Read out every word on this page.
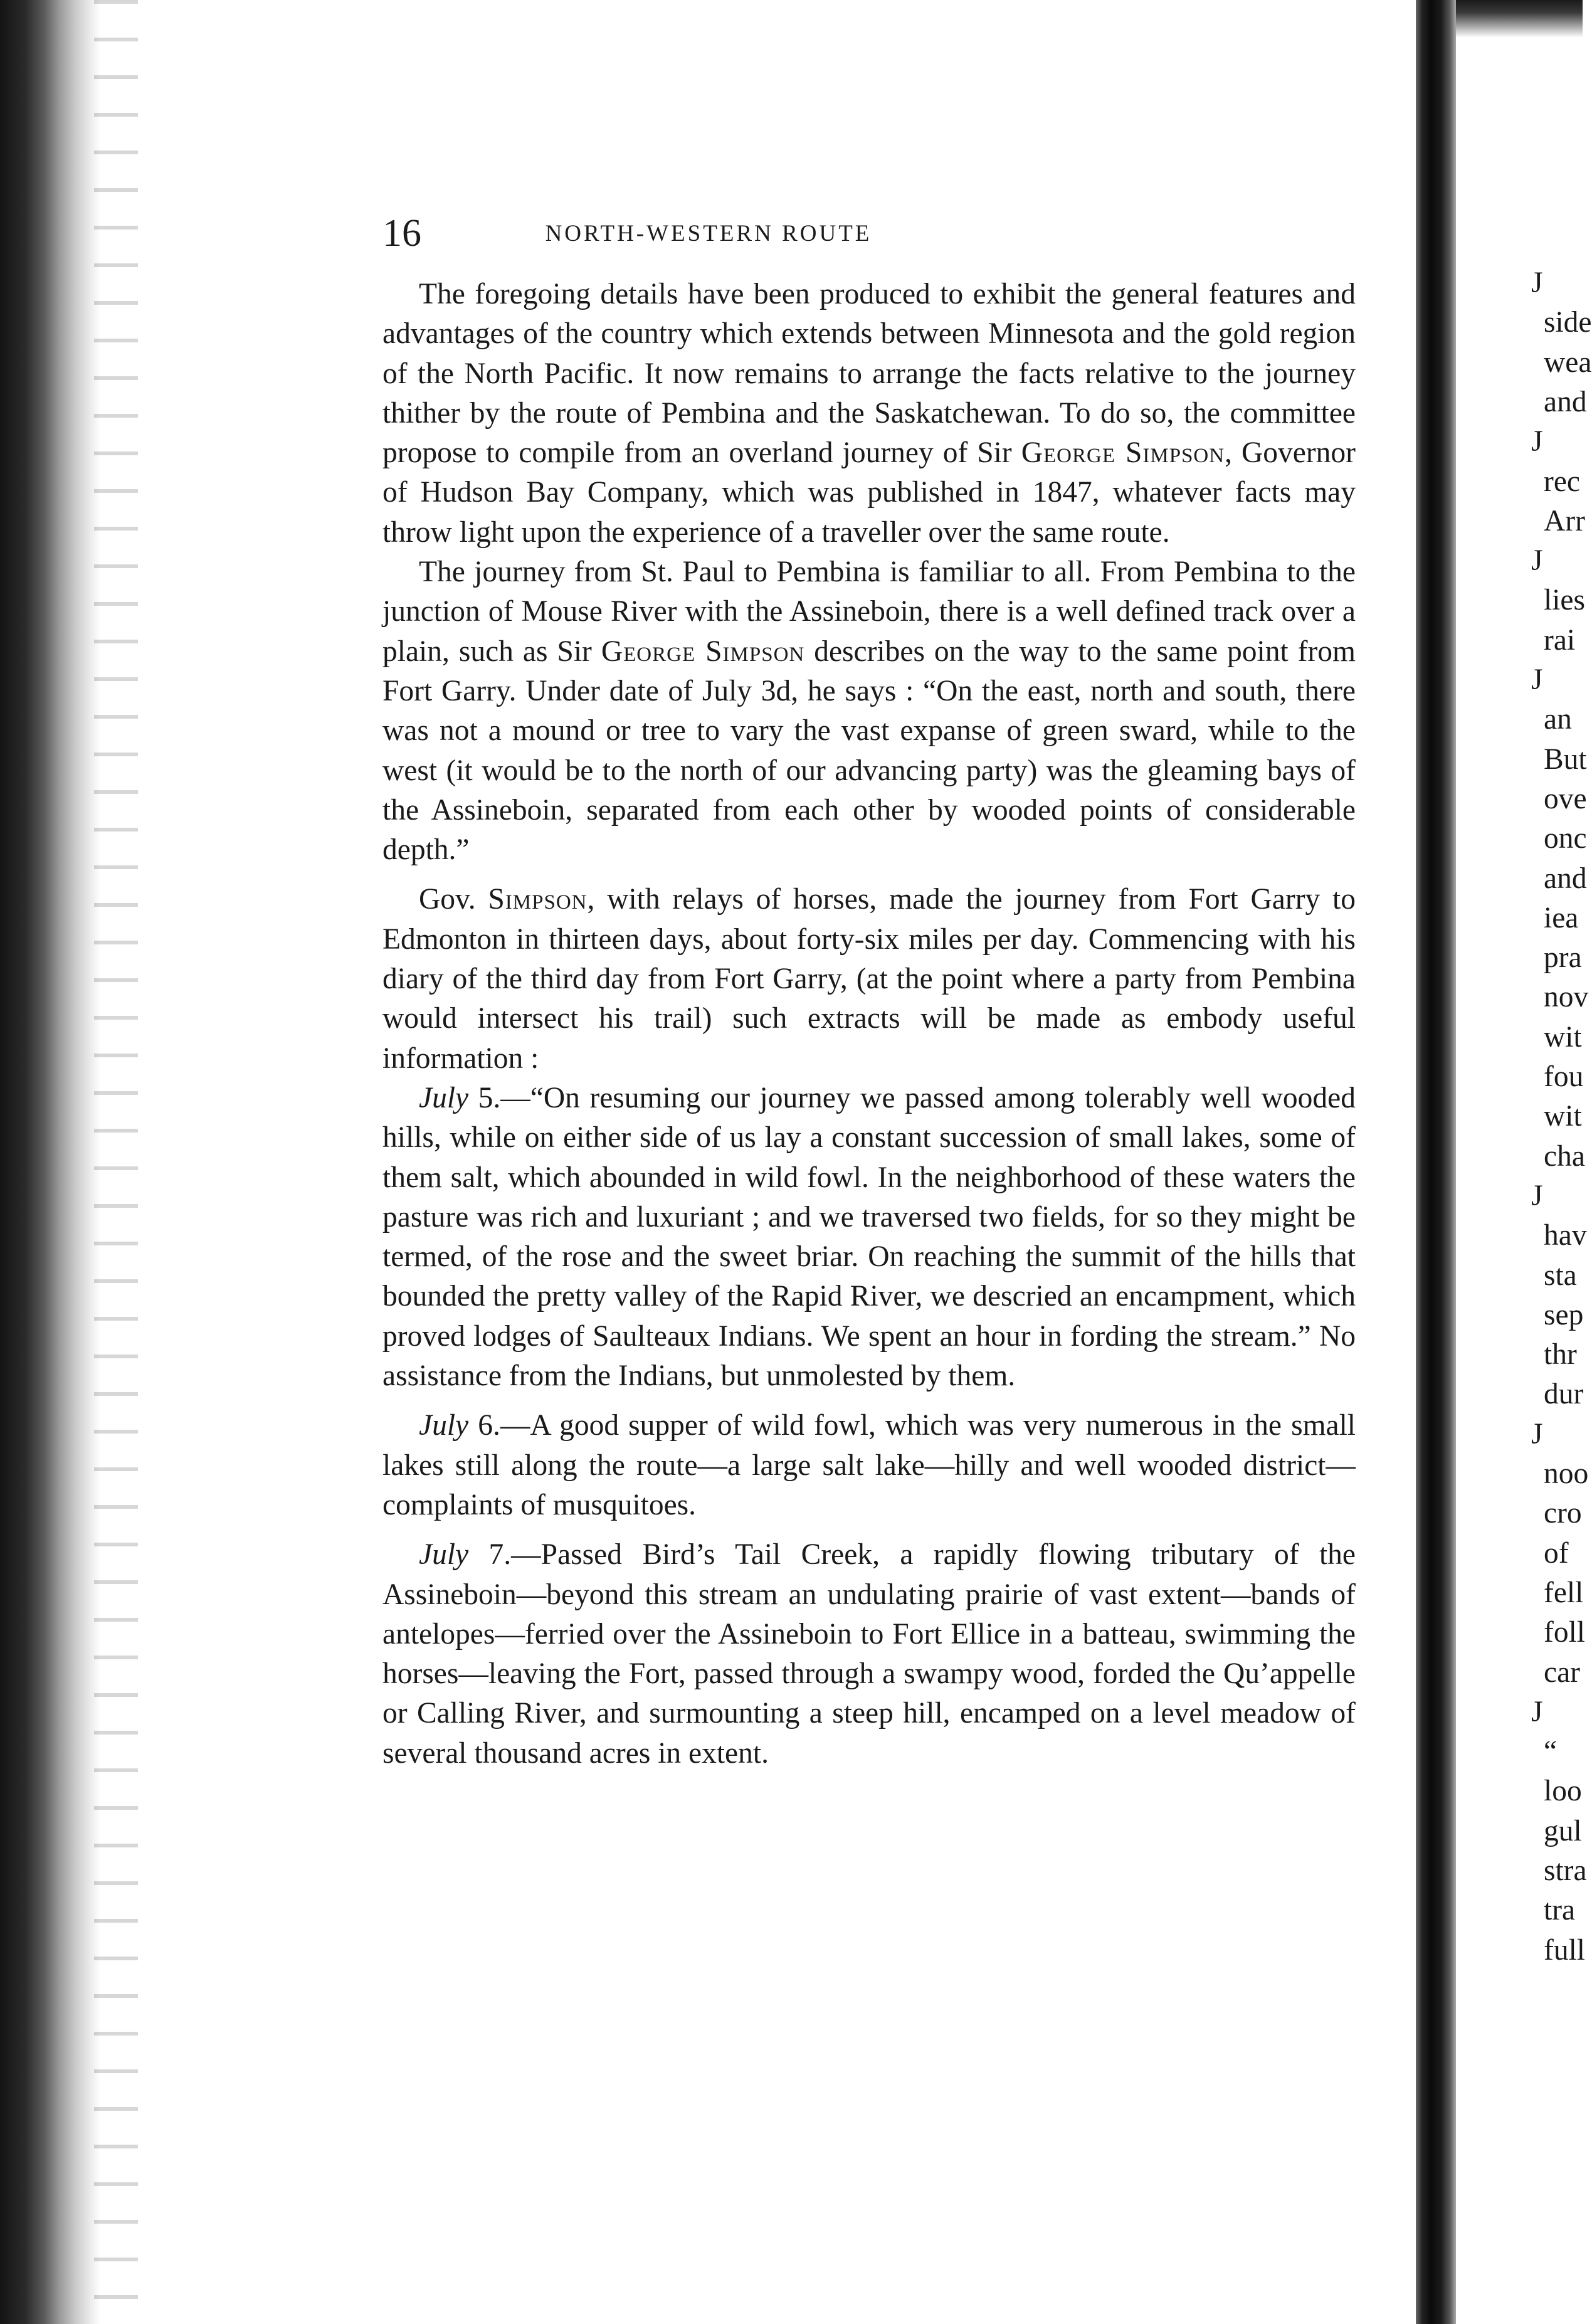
16	NORTH-WESTERN ROUTE

The foregoing details have been produced to exhibit the general features and advantages of the country which extends between Minnesota and the gold region of the North Pacific. It now remains to arrange the facts relative to the journey thither by the route of Pembina and the Saskatchewan. To do so, the committee propose to compile from an overland journey of Sir George Simpson, Governor of Hudson Bay Company, which was published in 1847, whatever facts may throw light upon the experience of a traveller over the same route.

The journey from St. Paul to Pembina is familiar to all. From Pembina to the junction of Mouse River with the Assineboin, there is a well defined track over a plain, such as Sir George Simpson describes on the way to the same point from Fort Garry. Under date of July 3d, he says : “On the east, north and south, there was not a mound or tree to vary the vast expanse of green sward, while to the west (it would be to the north of our advancing party) was the gleaming bays of the Assineboin, separated from each other by wooded points of considerable depth.”

Gov. Simpson, with relays of horses, made the journey from Fort Garry to Edmonton in thirteen days, about forty-six miles per day. Commencing with his diary of the third day from Fort Garry, (at the point where a party from Pembina would intersect his trail) such extracts will be made as embody useful information :

July 5.—“On resuming our journey we passed among tolerably well wooded hills, while on either side of us lay a constant succession of small lakes, some of them salt, which abounded in wild fowl. In the neighborhood of these waters the pasture was rich and luxuriant ; and we traversed two fields, for so they might be termed, of the rose and the sweet briar. On reaching the summit of the hills that bounded the pretty valley of the Rapid River, we descried an encampment, which proved lodges of Saulteaux Indians. We spent an hour in fording the stream.” No assistance from the Indians, but unmolested by them.

July 6.—A good supper of wild fowl, which was very numerous in the small lakes still along the route—a large salt lake—hilly and well wooded district—complaints of musquitoes.

July 7.—Passed Bird’s Tail Creek, a rapidly flowing tributary of the Assineboin—beyond this stream an undulating prairie of vast extent—bands of antelopes—ferried over the Assineboin to Fort Ellice in a batteau, swimming the horses—leaving the Fort, passed through a swampy wood, forded the Qu’appelle or Calling River, and surmounting a steep hill, encamped on a level meadow of several thousand acres in extent.

J
side
wea
and
J
rec
Arr
J
lies
rai
J
an
But
ove
onc
and
iea
pra
nov
wit
fou
wit
cha
J
hav
sta
sep
thr
dur
J
noo
cro
of
fell
foll
car
J
“
loo
gul
stra
tra
full
